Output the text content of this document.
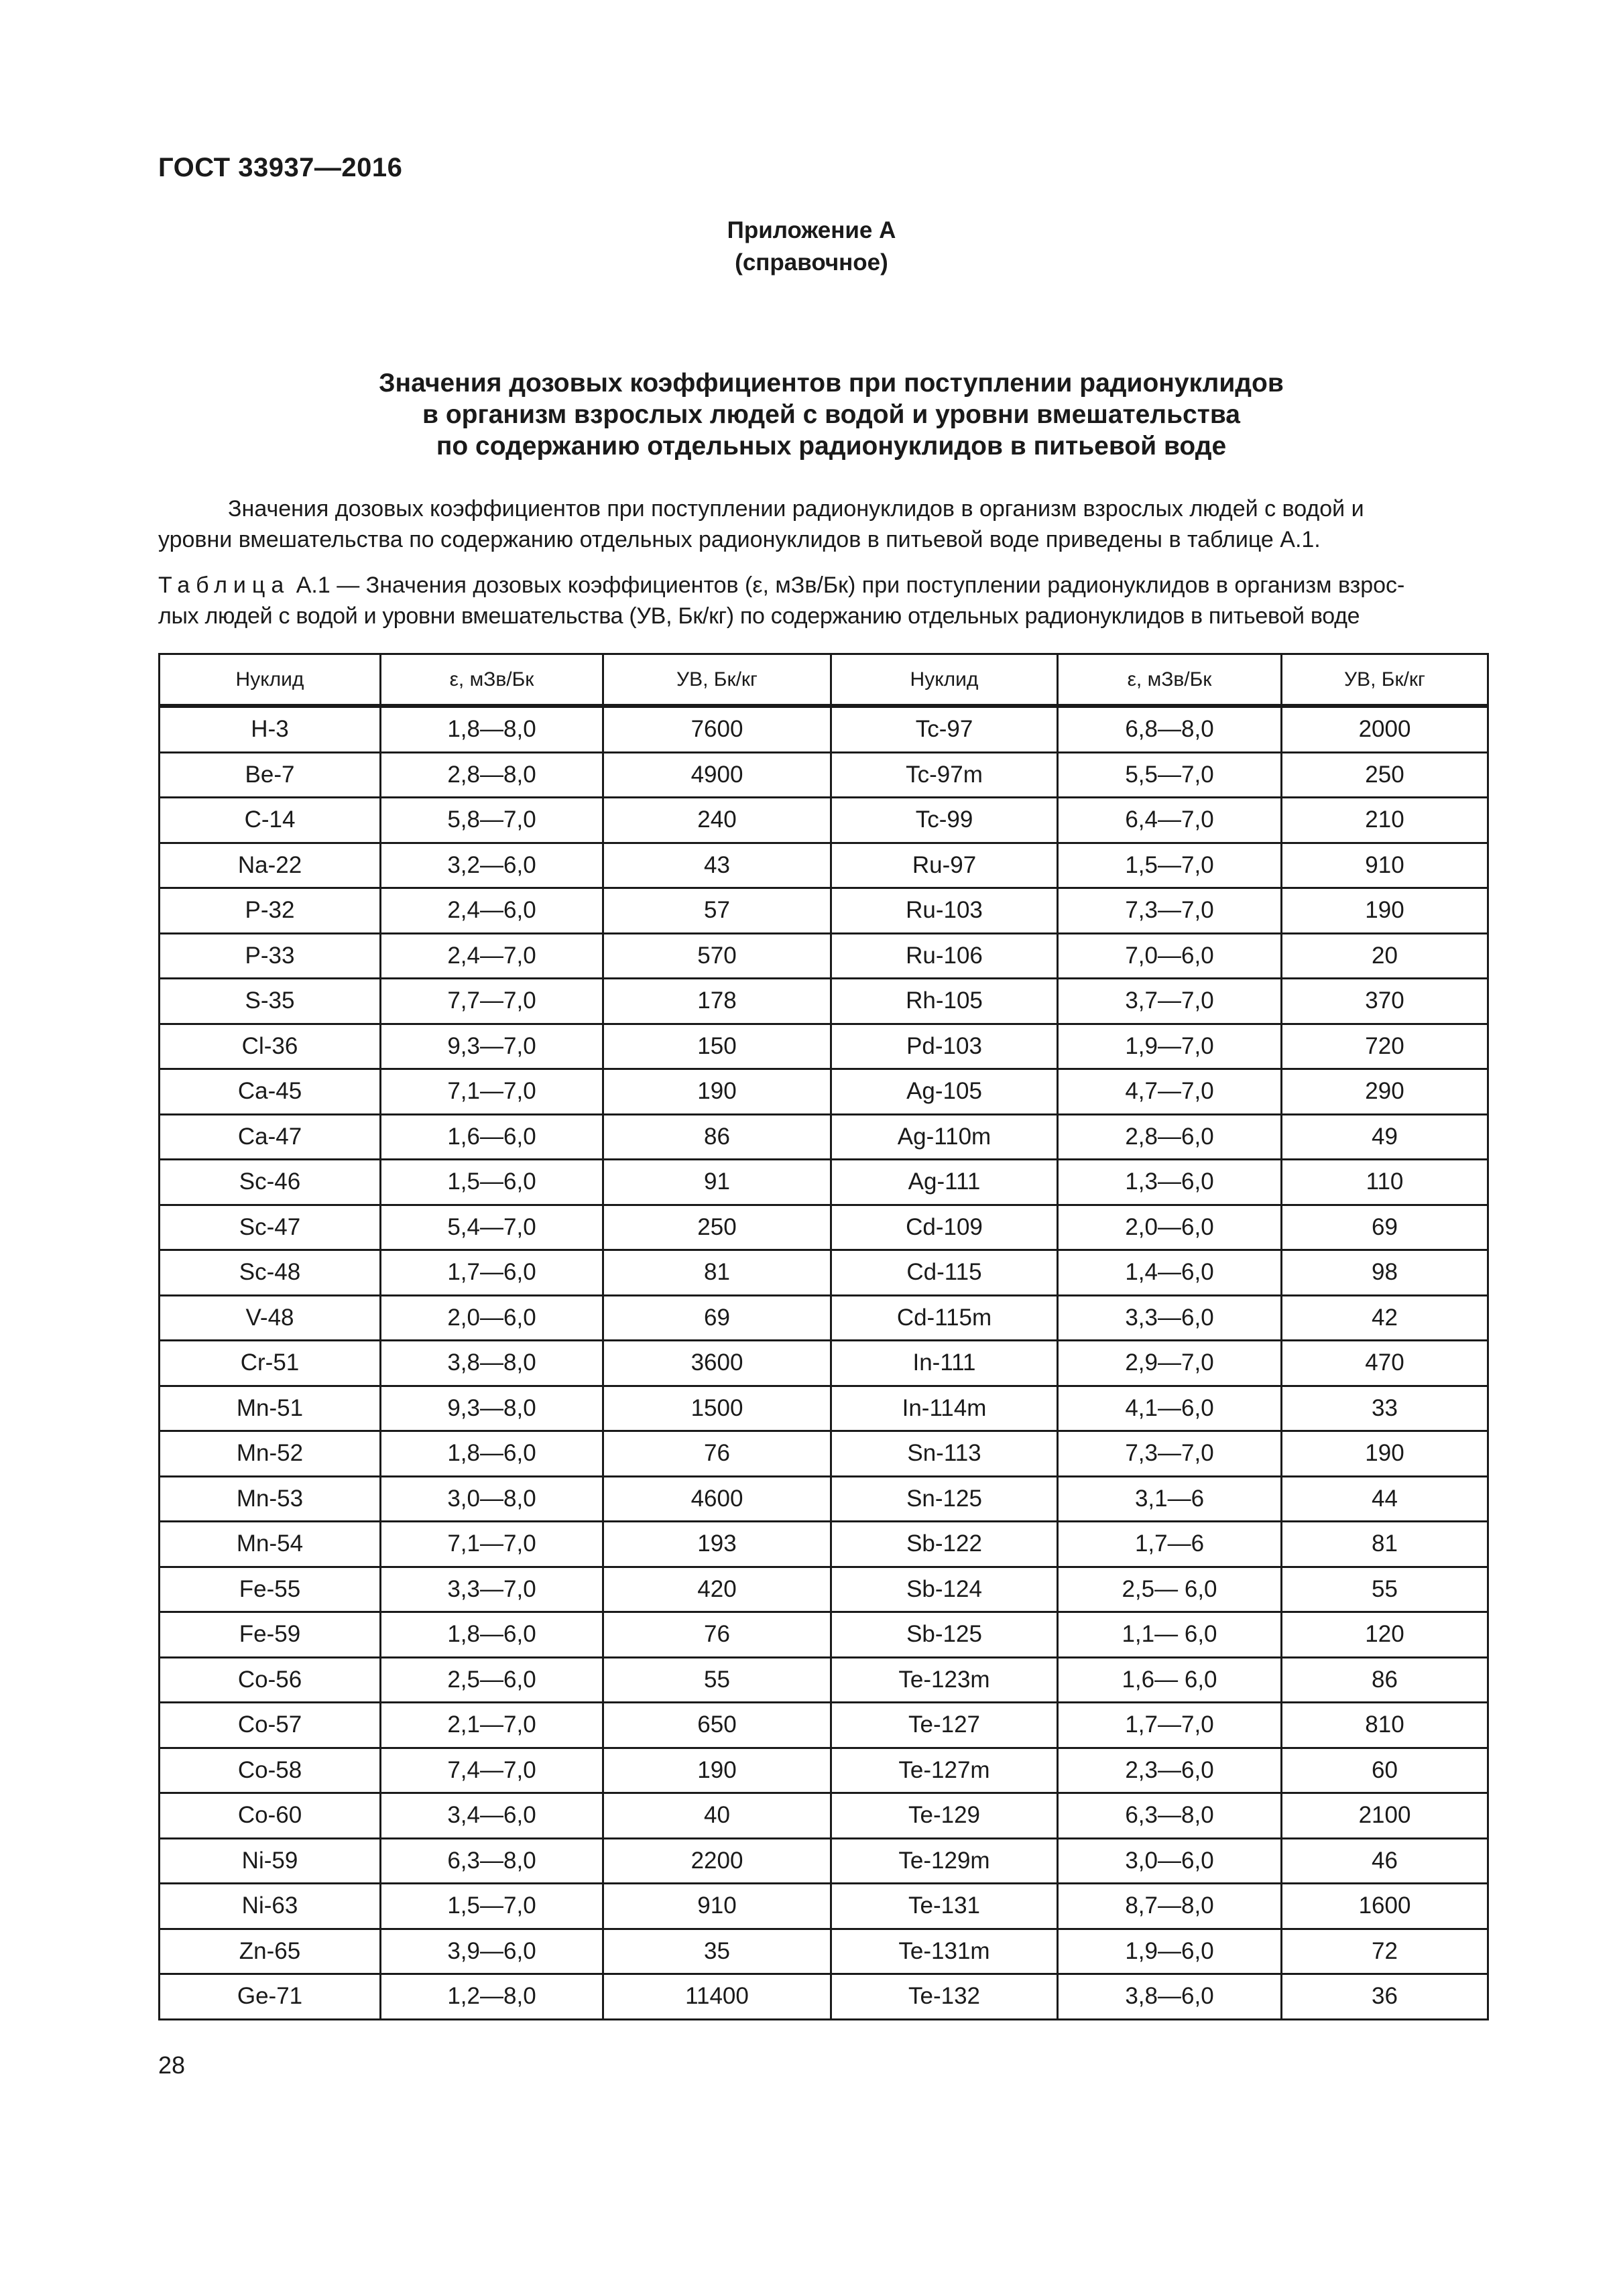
ГОСТ 33937—2016
Приложение А
(справочное)
Значения дозовых коэффициентов при поступлении радионуклидов
в организм взрослых людей с водой и уровни вмешательства
по содержанию отдельных радионуклидов в питьевой воде
Значения дозовых коэффициентов при поступлении радионуклидов в организм взрослых людей с водой и
уровни вмешательства по содержанию отдельных радионуклидов в питьевой воде приведены в таблице А.1.
Таблица А.1 — Значения дозовых коэффициентов (ε, мЗв/Бк) при поступлении радионуклидов в организм взрос-
лых людей с водой и уровни вмешательства (УВ, Бк/кг) по содержанию отдельных радионуклидов в питьевой воде
Нуклид	ε, мЗв/Бк	УВ, Бк/кг	Нуклид	ε, мЗв/Бк	УВ, Бк/кг
H-3	1,8—8,0	7600	Tc-97	6,8—8,0	2000
Be-7	2,8—8,0	4900	Tc-97m	5,5—7,0	250
C-14	5,8—7,0	240	Tc-99	6,4—7,0	210
Na-22	3,2—6,0	43	Ru-97	1,5—7,0	910
P-32	2,4—6,0	57	Ru-103	7,3—7,0	190
P-33	2,4—7,0	570	Ru-106	7,0—6,0	20
S-35	7,7—7,0	178	Rh-105	3,7—7,0	370
Cl-36	9,3—7,0	150	Pd-103	1,9—7,0	720
Ca-45	7,1—7,0	190	Ag-105	4,7—7,0	290
Ca-47	1,6—6,0	86	Ag-110m	2,8—6,0	49
Sc-46	1,5—6,0	91	Ag-111	1,3—6,0	110
Sc-47	5,4—7,0	250	Cd-109	2,0—6,0	69
Sc-48	1,7—6,0	81	Cd-115	1,4—6,0	98
V-48	2,0—6,0	69	Cd-115m	3,3—6,0	42
Cr-51	3,8—8,0	3600	In-111	2,9—7,0	470
Mn-51	9,3—8,0	1500	In-114m	4,1—6,0	33
Mn-52	1,8—6,0	76	Sn-113	7,3—7,0	190
Mn-53	3,0—8,0	4600	Sn-125	3,1—6	44
Mn-54	7,1—7,0	193	Sb-122	1,7—6	81
Fe-55	3,3—7,0	420	Sb-124	2,5— 6,0	55
Fe-59	1,8—6,0	76	Sb-125	1,1— 6,0	120
Co-56	2,5—6,0	55	Te-123m	1,6— 6,0	86
Co-57	2,1—7,0	650	Te-127	1,7—7,0	810
Co-58	7,4—7,0	190	Te-127m	2,3—6,0	60
Co-60	3,4—6,0	40	Te-129	6,3—8,0	2100
Ni-59	6,3—8,0	2200	Te-129m	3,0—6,0	46
Ni-63	1,5—7,0	910	Te-131	8,7—8,0	1600
Zn-65	3,9—6,0	35	Te-131m	1,9—6,0	72
Ge-71	1,2—8,0	11400	Te-132	3,8—6,0	36
28
